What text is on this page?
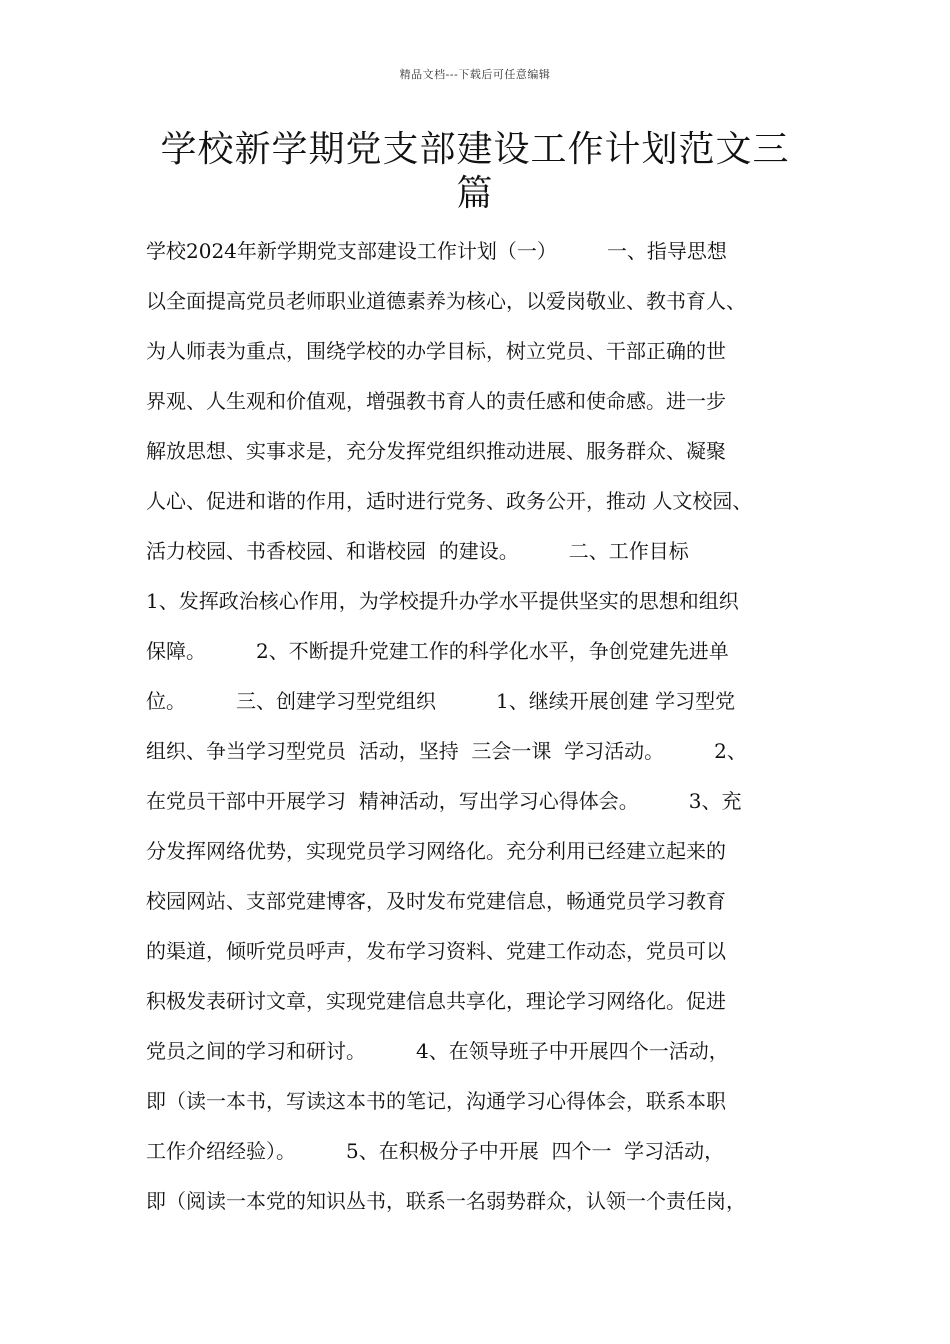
精品文档---下载后可任意编辑
学校新学期党支部建设工作计划范文三
篇
学校2024年新学期党支部建设工作计划（一）　　　一、指导思想
以全面提高党员老师职业道德素养为核心，以爱岗敬业、教书育人、
为人师表为重点，围绕学校的办学目标，树立党员、干部正确的世
界观、人生观和价值观，增强教书育人的责任感和使命感。进一步
解放思想、实事求是，充分发挥党组织推动进展、服务群众、凝聚
人心、促进和谐的作用，适时进行党务、政务公开，推动 人文校园、
活力校园、书香校园、和谐校园  的建设。　　　二、工作目标
1、发挥政治核心作用，为学校提升办学水平提供坚实的思想和组织
保障。　　　2、不断提升党建工作的科学化水平，争创党建先进单
位。　　　三、创建学习型党组织　　　1、继续开展创建 学习型党
组织、争当学习型党员  活动，坚持  三会一课  学习活动。　　　2、
在党员干部中开展学习  精神活动，写出学习心得体会。　　　3、充
分发挥网络优势，实现党员学习网络化。充分利用已经建立起来的
校园网站、支部党建博客，及时发布党建信息，畅通党员学习教育
的渠道，倾听党员呼声，发布学习资料、党建工作动态，党员可以
积极发表研讨文章，实现党建信息共享化，理论学习网络化。促进
党员之间的学习和研讨。　　　4、在领导班子中开展四个一活动，
即（读一本书，写读这本书的笔记，沟通学习心得体会，联系本职
工作介绍经验）。　　　5、在积极分子中开展  四个一  学习活动，
即（阅读一本党的知识丛书，联系一名弱势群众，认领一个责任岗，
